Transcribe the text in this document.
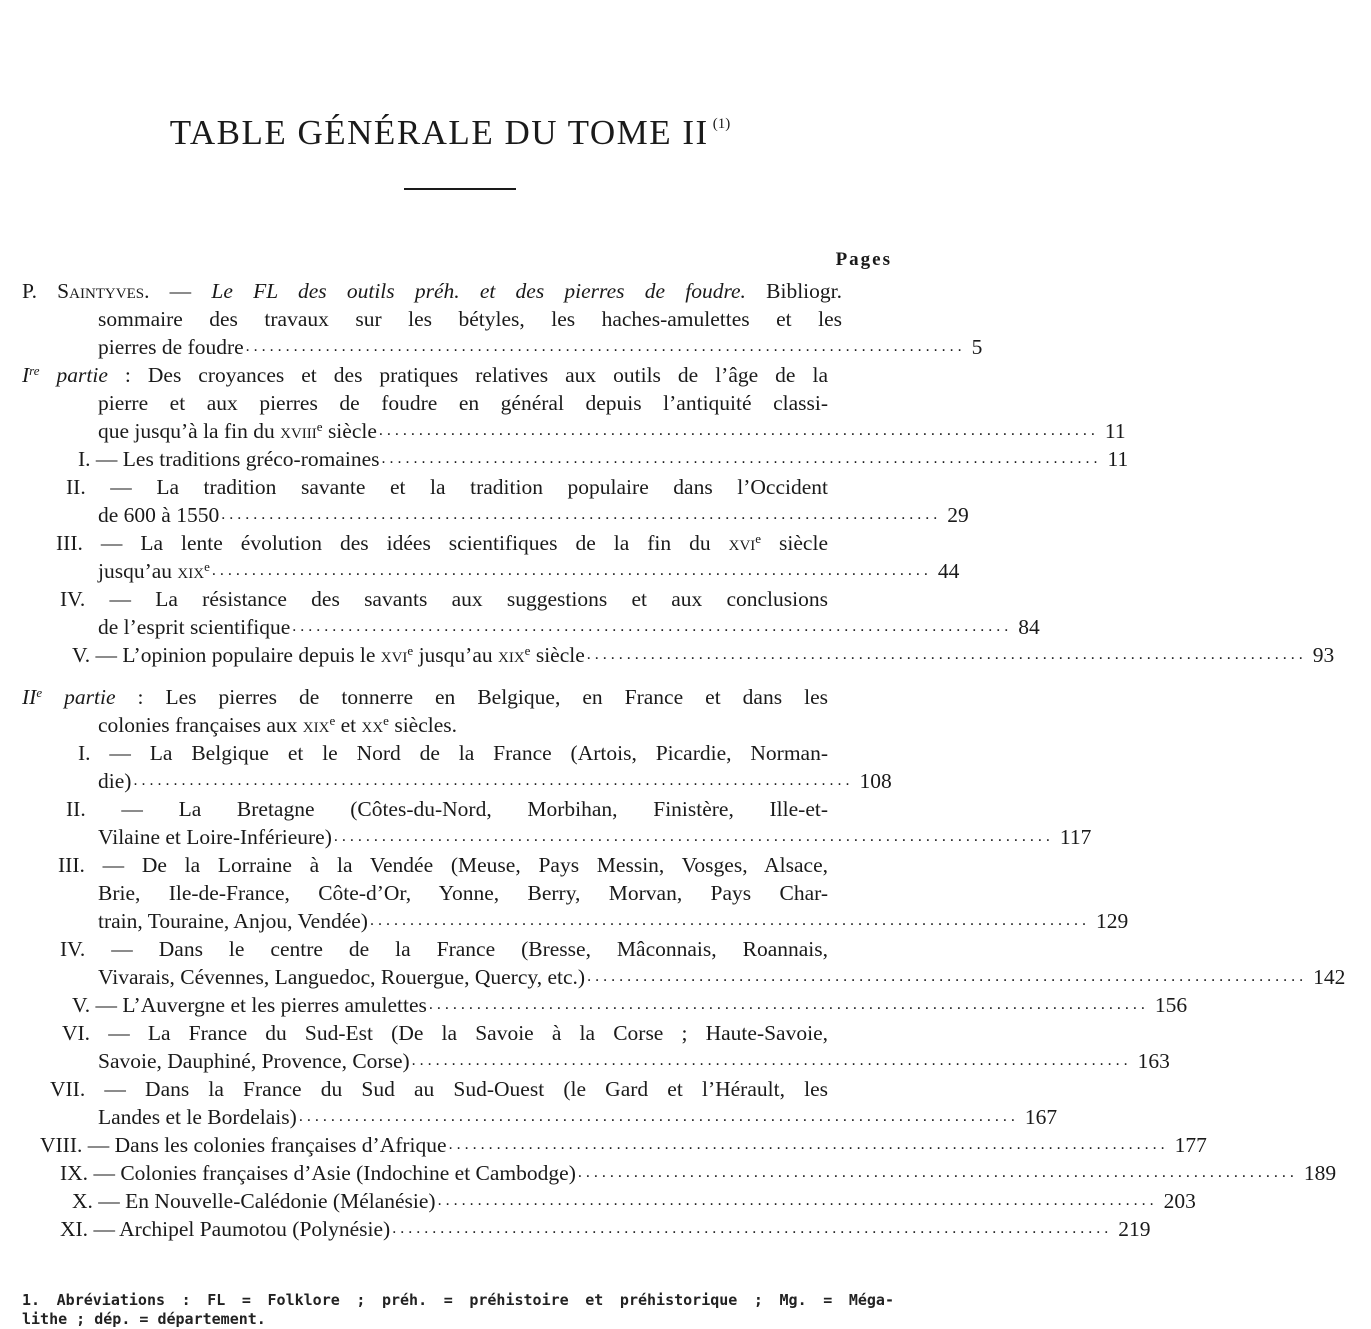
TABLE GÉNÉRALE DU TOME II $^{(1)}$
Pages
P. Saintyves. — Le FL des outils préh. et des pierres de foudre. Bibliogr.
sommaire des travaux sur les bétyles, les haches-amulettes et les
pierres de foudre .......................................................................................... 5
Ire partie : Des croyances et des pratiques relatives aux outils de l’âge de la
pierre et aux pierres de foudre en général depuis l’antiquité classi-
que jusqu’à la fin du xviii$^e$ siècle .......................................................................................... 11
I. — Les traditions gréco-romaines .......................................................................................... 11
II. — La tradition savante et la tradition populaire dans l’Occident
de 600 à 1550 .......................................................................................... 29
III. — La lente évolution des idées scientifiques de la fin du xvi$^e$ siècle
jusqu’au xix$^e$ .......................................................................................... 44
IV. — La résistance des savants aux suggestions et aux conclusions
de l’esprit scientifique .......................................................................................... 84
V. — L’opinion populaire depuis le xvi$^e$ jusqu’au xix$^e$ siècle .......................................................................................... 93
IIe partie : Les pierres de tonnerre en Belgique, en France et dans les
colonies françaises aux xix$^e$ et $xx^e$ siècles.
I. — La Belgique et le Nord de la France (Artois, Picardie, Norman-
die) .......................................................................................... 108
II. — La Bretagne (Côtes-du-Nord, Morbihan, Finistère, Ille-et-
Vilaine et Loire-Inférieure) .......................................................................................... 117
III. — De la Lorraine à la Vendée (Meuse, Pays Messin, Vosges, Alsace,
Brie, Ile-de-France, Côte-d’Or, Yonne, Berry, Morvan, Pays Char-
train, Touraine, Anjou, Vendée) .......................................................................................... 129
IV. — Dans le centre de la France (Bresse, Mâconnais, Roannais,
Vivarais, Cévennes, Languedoc, Rouergue, Quercy, etc.) .......................................................................................... 142
V. — L’Auvergne et les pierres amulettes .......................................................................................... 156
VI. — La France du Sud-Est (De la Savoie à la Corse ; Haute-Savoie,
Savoie, Dauphiné, Provence, Corse) .......................................................................................... 163
VII. — Dans la France du Sud au Sud-Ouest (le Gard et l’Hérault, les
Landes et le Bordelais) .......................................................................................... 167
VIII. — Dans les colonies françaises d’Afrique .......................................................................................... 177
IX. — Colonies françaises d’Asie (Indochine et Cambodge) .......................................................................................... 189
X. — En Nouvelle-Calédonie (Mélanésie) .......................................................................................... 203
XI. — Archipel Paumotou (Polynésie) .......................................................................................... 219
1. Abréviations : FL = Folklore ; préh. = préhistoire et préhistorique ; Mg. = Méga-
lithe ; dép. = département.
